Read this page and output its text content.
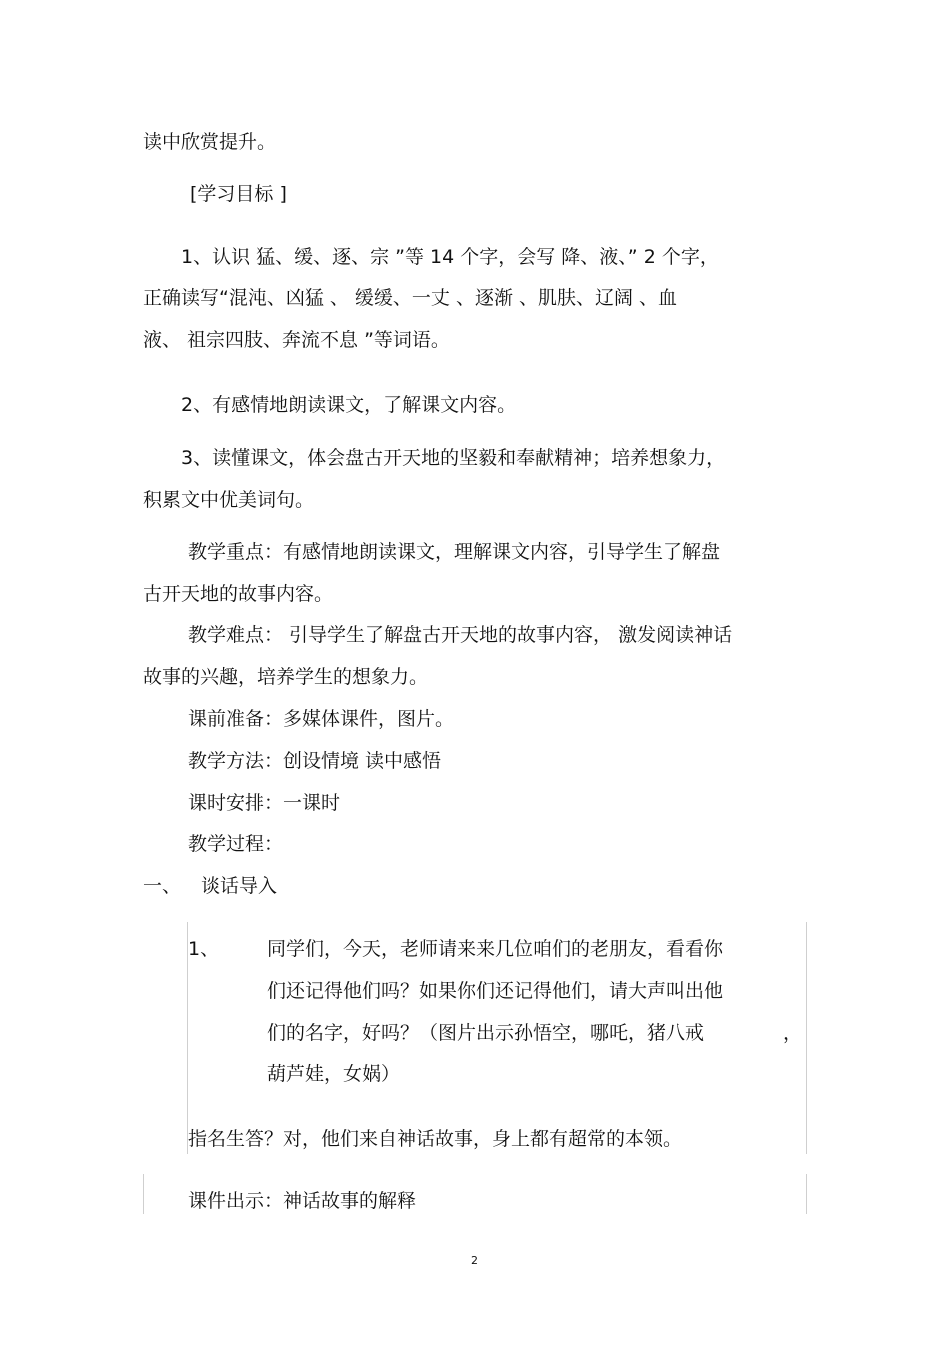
读中欣赏提升。
[学习目标 ]
1、认识 猛、缓、逐、宗 ”等 14 个字，会写 降、液、” 2 个字，
正确读写“混沌、凶猛 、 缓缓、一丈 、逐渐 、肌肤、辽阔 、血
液、 祖宗四肢、奔流不息 ”等词语。
2、有感情地朗读课文，了解课文内容。
3、读懂课文，体会盘古开天地的坚毅和奉献精神；培养想象力，
积累文中优美词句。
教学重点：有感情地朗读课文，理解课文内容，引导学生了解盘
古开天地的故事内容。
教学难点： 引导学生了解盘古开天地的故事内容， 激发阅读神话
故事的兴趣，培养学生的想象力。
课前准备：多媒体课件，图片。
教学方法：创设情境 读中感悟
课时安排：一课时
教学过程：
一、 谈话导入
1、	同学们，今天，老师请来来几位咱们的老朋友，看看你
们还记得他们吗？如果你们还记得他们，请大声叫出他
们的名字，好吗？（图片出示孙悟空，哪吒，猪八戒	，
葫芦娃，女娲）
指名生答？对，他们来自神话故事，身上都有超常的本领。
课件出示：神话故事的解释
2
